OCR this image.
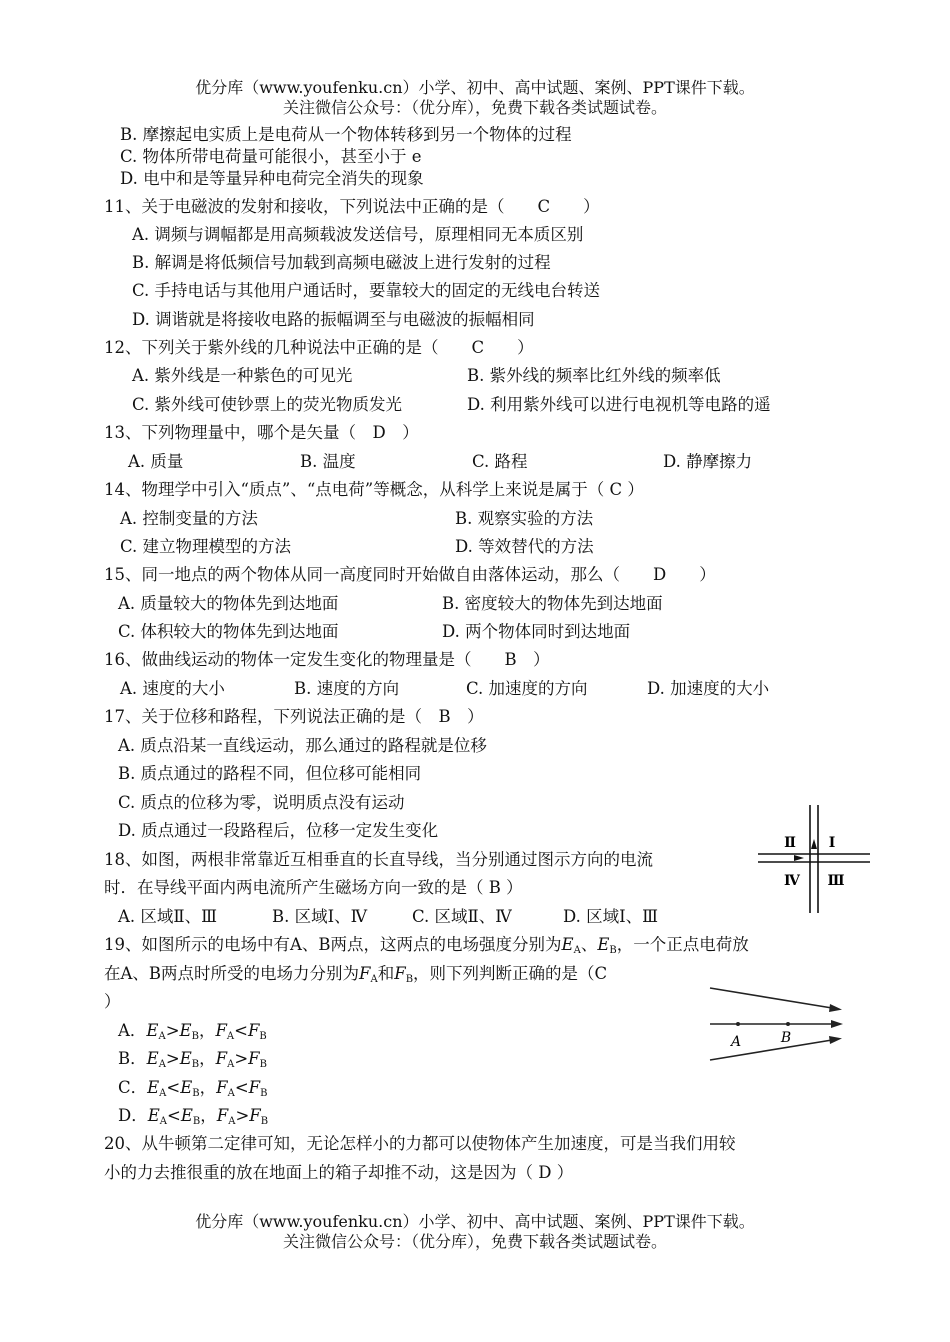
优分库（www.youfenku.cn）小学、初中、高中试题、案例、PPT课件下载。
关注微信公众号：（优分库），免费下载各类试题试卷。
B. 摩擦起电实质上是电荷从一个物体转移到另一个物体的过程
C. 物体所带电荷量可能很小，甚至小于 e
D. 电中和是等量异种电荷完全消失的现象
11、关于电磁波的发射和接收，下列说法中正确的是（　　C　　）
A. 调频与调幅都是用高频载波发送信号，原理相同无本质区别
B. 解调是将低频信号加载到高频电磁波上进行发射的过程
C. 手持电话与其他用户通话时，要靠较大的固定的无线电台转送
D. 调谐就是将接收电路的振幅调至与电磁波的振幅相同
12、下列关于紫外线的几种说法中正确的是（　　C　　）
A. 紫外线是一种紫色的可见光	B. 紫外线的频率比红外线的频率低
C. 紫外线可使钞票上的荧光物质发光	D. 利用紫外线可以进行电视机等电路的遥
13、下列物理量中，哪个是矢量（　D　）
A. 质量	B. 温度	C. 路程	D. 静摩擦力
14、物理学中引入“质点”、“点电荷”等概念，从科学上来说是属于（ C ）
A. 控制变量的方法	B. 观察实验的方法
C. 建立物理模型的方法	D. 等效替代的方法
15、同一地点的两个物体从同一高度同时开始做自由落体运动，那么（　　D　　）
A. 质量较大的物体先到达地面	B. 密度较大的物体先到达地面
C. 体积较大的物体先到达地面	D. 两个物体同时到达地面
16、做曲线运动的物体一定发生变化的物理量是（　　B　）
A. 速度的大小	B. 速度的方向	C. 加速度的方向	D. 加速度的大小
17、关于位移和路程，下列说法正确的是（　B　）
A. 质点沿某一直线运动，那么通过的路程就是位移
B. 质点通过的路程不同，但位移可能相同
C. 质点的位移为零，说明质点没有运动
D. 质点通过一段路程后，位移一定发生变化
18、如图，两根非常靠近互相垂直的长直导线，当分别通过图示方向的电流
时．在导线平面内两电流所产生磁场方向一致的是（ B ）
A. 区域Ⅱ、Ⅲ	B. 区域Ⅰ、Ⅳ	C. 区域Ⅱ、Ⅳ	D. 区域Ⅰ、Ⅲ
Ⅱ Ⅰ
Ⅳ Ⅲ
19、如图所示的电场中有A、B两点，这两点的电场强度分别为$E_A$、$E_B$，一个正点电荷放
在A、B两点时所受的电场力分别为$F_A$和$F_B$，则下列判断正确的是（C
）
A．$E_A>E_B$，$F_A<F_B$
B．$E_A>E_B$，$F_A>F_B$
C．$E_A<E_B$，$F_A<F_B$
D．$E_A<E_B$，$F_A>F_B$
A	B
20、从牛顿第二定律可知，无论怎样小的力都可以使物体产生加速度，可是当我们用较
小的力去推很重的放在地面上的箱子却推不动，这是因为（ D ）
优分库（www.youfenku.cn）小学、初中、高中试题、案例、PPT课件下载。
关注微信公众号：（优分库），免费下载各类试题试卷。
